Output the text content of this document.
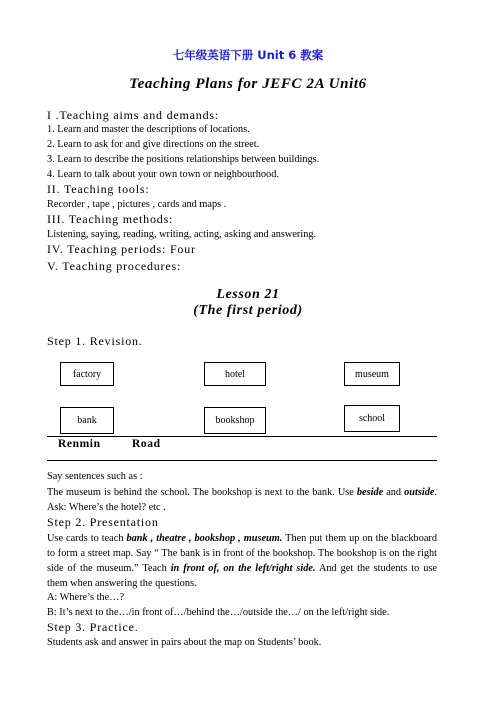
七年级英语下册 Unit 6 教案
Teaching Plans for JEFC 2A Unit6
I .Teaching aims and demands:
1. Learn and master the descriptions of locations.
2. Learn to ask for and give directions on the street.
3. Learn to describe the positions relationships between buildings.
4. Learn to talk about your own town or neighbourhood.
II. Teaching tools:
Recorder , tape , pictures , cards and maps .
III. Teaching methods:
Listening, saying, reading, writing, acting, asking and answering.
IV. Teaching periods: Four
V. Teaching procedures:
Lesson 21
(The first period)
Step 1. Revision.
factory	hotel	museum
bank	bookshop	school
Renmin	Road
Say sentences such as :
The museum is behind the school. The bookshop is next to the bank. Use beside and outside. Ask: Where’s the hotel? etc .
Step 2. Presentation
Use cards to teach bank , theatre , bookshop , museum. Then put them up on the blackboard to form a street map. Say “ The bank is in front of the bookshop. The bookshop is on the right side of the museum.” Teach in front of, on the left/right side. And get the students to use them when answering the questions.
A: Where’s the…?
B: It’s next to the…/in front of…/behind the…/outside the…/ on the left/right side.
Step 3. Practice.
Students ask and answer in pairs about the map on Students’ book.
